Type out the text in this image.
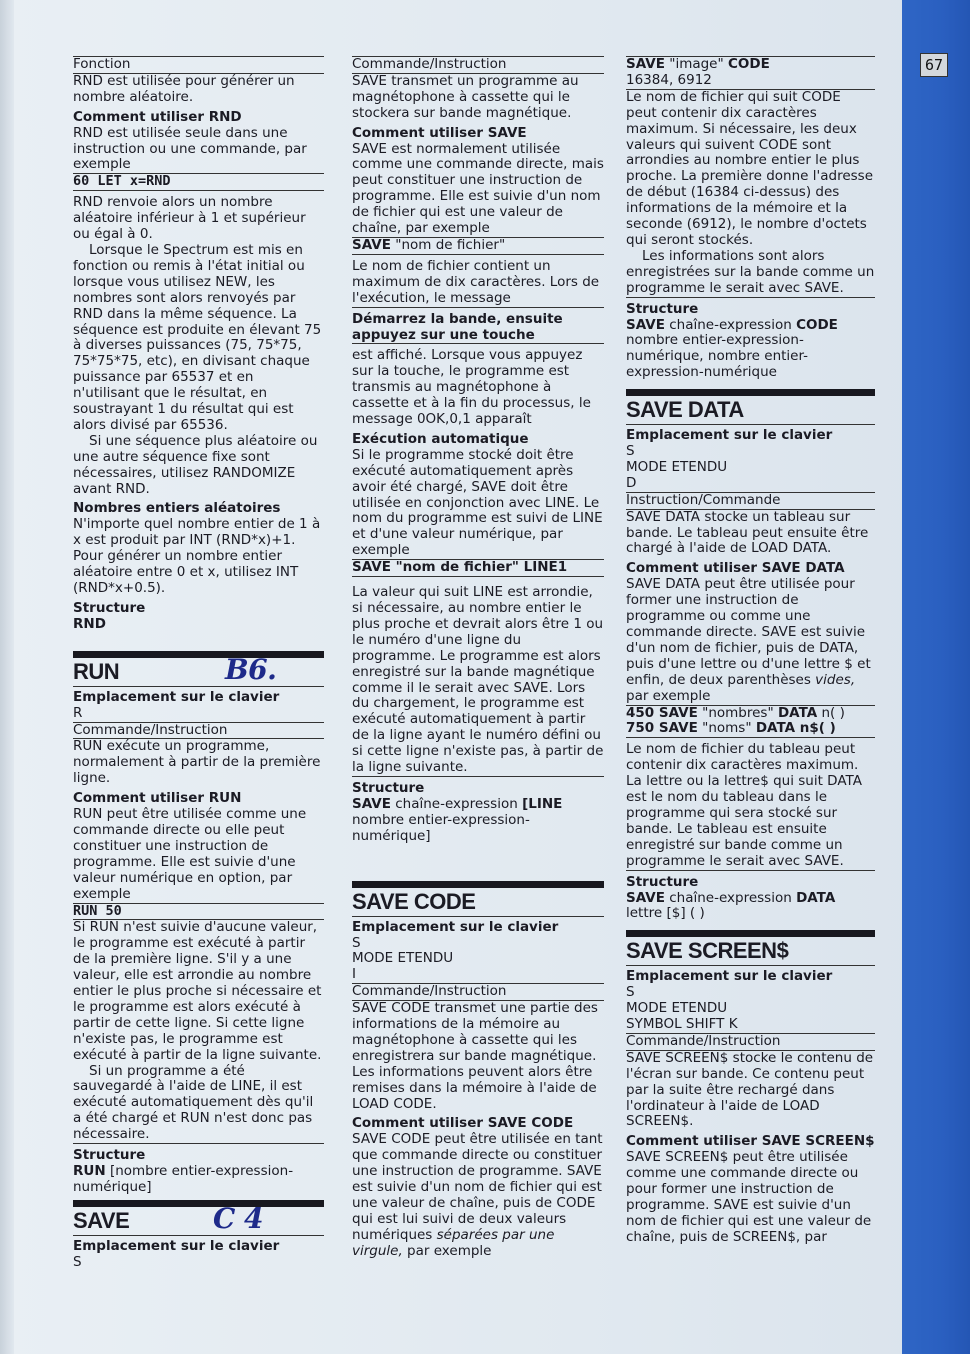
67

Fonction

RND est utilisée pour générer un nombre aléatoire.

Comment utiliser RND

RND est utilisée seule dans une instruction ou une commande, par exemple

60 LET x=RND

RND renvoie alors un nombre aléatoire inférieur à 1 et supérieur ou égal à 0.

Lorsque le Spectrum est mis en fonction ou remis à l'état initial ou lorsque vous utilisez NEW, les nombres sont alors renvoyés par RND dans la même séquence. La séquence est produite en élevant 75 à diverses puissances (75, 75*75, 75*75*75, etc), en divisant chaque puissance par 65537 et en n'utilisant que le résultat, en soustrayant 1 du résultat qui est alors divisé par 65536.

Si une séquence plus aléatoire ou une autre séquence fixe sont nécessaires, utilisez RANDOMIZE avant RND.

Nombres entiers aléatoires

N'importe quel nombre entier de 1 à x est produit par INT (RND*x)+1. Pour générer un nombre entier aléatoire entre 0 et x, utilisez INT (RND*x+0.5).

Structure

RND

RUN	B6.

Emplacement sur le clavier

R

Commande/Instruction

RUN exécute un programme, normalement à partir de la première ligne.

Comment utiliser RUN

RUN peut être utilisée comme une commande directe ou elle peut constituer une instruction de programme. Elle est suivie d'une valeur numérique en option, par exemple

RUN 50

Si RUN n'est suivie d'aucune valeur, le programme est exécuté à partir de la première ligne. S'il y a une valeur, elle est arrondie au nombre entier le plus proche si nécessaire et le programme est alors exécuté à partir de cette ligne. Si cette ligne n'existe pas, le programme est exécuté à partir de la ligne suivante.

Si un programme a été sauvegardé à l'aide de LINE, il est exécuté automatiquement dès qu'il a été chargé et RUN n'est donc pas nécessaire.

Structure

RUN [nombre entier-expression-numérique]

SAVE	C 4

Emplacement sur le clavier

S

Commande/Instruction

SAVE transmet un programme au magnétophone à cassette qui le stockera sur bande magnétique.

Comment utiliser SAVE

SAVE est normalement utilisée comme une commande directe, mais peut constituer une instruction de programme. Elle est suivie d'un nom de fichier qui est une valeur de chaîne, par exemple

SAVE "nom de fichier"

Le nom de fichier contient un maximum de dix caractères. Lors de l'exécution, le message

Démarrez la bande, ensuite appuyez sur une touche

est affiché. Lorsque vous appuyez sur la touche, le programme est transmis au magnétophone à cassette et à la fin du processus, le message 0OK,0,1 apparaît

Exécution automatique

Si le programme stocké doit être exécuté automatiquement après avoir été chargé, SAVE doit être utilisée en conjonction avec LINE. Le nom du programme est suivi de LINE et d'une valeur numérique, par exemple

SAVE "nom de fichier" LINE1

La valeur qui suit LINE est arrondie, si nécessaire, au nombre entier le plus proche et devrait alors être 1 ou le numéro d'une ligne du programme. Le programme est alors enregistré sur la bande magnétique comme il le serait avec SAVE. Lors du chargement, le programme est exécuté automatiquement à partir de la ligne ayant le numéro défini ou si cette ligne n'existe pas, à partir de la ligne suivante.

Structure

SAVE chaîne-expression [LINE

nombre entier-expression-numérique]

SAVE CODE

Emplacement sur le clavier

S

MODE ETENDU

I

Commande/Instruction

SAVE CODE transmet une partie des informations de la mémoire au magnétophone à cassette qui les enregistrera sur bande magnétique. Les informations peuvent alors être remises dans la mémoire à l'aide de LOAD CODE.

Comment utiliser SAVE CODE

SAVE CODE peut être utilisée en tant que commande directe ou constituer une instruction de programme. SAVE est suivie d'un nom de fichier qui est une valeur de chaîne, puis de CODE qui est lui suivi de deux valeurs numériques séparées par une virgule, par exemple

SAVE "image" CODE

16384, 6912

Le nom de fichier qui suit CODE peut contenir dix caractères maximum. Si nécessaire, les deux valeurs qui suivent CODE sont arrondies au nombre entier le plus proche. La première donne l'adresse de début (16384 ci-dessus) des informations de la mémoire et la seconde (6912), le nombre d'octets qui seront stockés.

Les informations sont alors enregistrées sur la bande comme un programme le serait avec SAVE.

Structure

SAVE chaîne-expression CODE

nombre entier-expression-numérique, nombre entier-expression-numérique

SAVE DATA

Emplacement sur le clavier

S

MODE ETENDU

D

Instruction/Commande

SAVE DATA stocke un tableau sur bande. Le tableau peut ensuite être chargé à l'aide de LOAD DATA.

Comment utiliser SAVE DATA

SAVE DATA peut être utilisée pour former une instruction de programme ou comme une commande directe. SAVE est suivie d'un nom de fichier, puis de DATA, puis d'une lettre ou d'une lettre $ et enfin, de deux parenthèses vides, par exemple

450 SAVE "nombres" DATA n( )

750 SAVE "noms" DATA n$( )

Le nom de fichier du tableau peut contenir dix caractères maximum. La lettre ou la lettre$ qui suit DATA est le nom du tableau dans le programme qui sera stocké sur bande. Le tableau est ensuite enregistré sur bande comme un programme le serait avec SAVE.

Structure

SAVE chaîne-expression DATA

lettre [$] ( )

SAVE SCREEN$

Emplacement sur le clavier

S

MODE ETENDU

SYMBOL SHIFT K

Commande/Instruction

SAVE SCREEN$ stocke le contenu de l'écran sur bande. Ce contenu peut par la suite être rechargé dans l'ordinateur à l'aide de LOAD SCREEN$.

Comment utiliser SAVE SCREEN$

SAVE SCREEN$ peut être utilisée comme une commande directe ou pour former une instruction de programme. SAVE est suivie d'un nom de fichier qui est une valeur de chaîne, puis de SCREEN$, par
